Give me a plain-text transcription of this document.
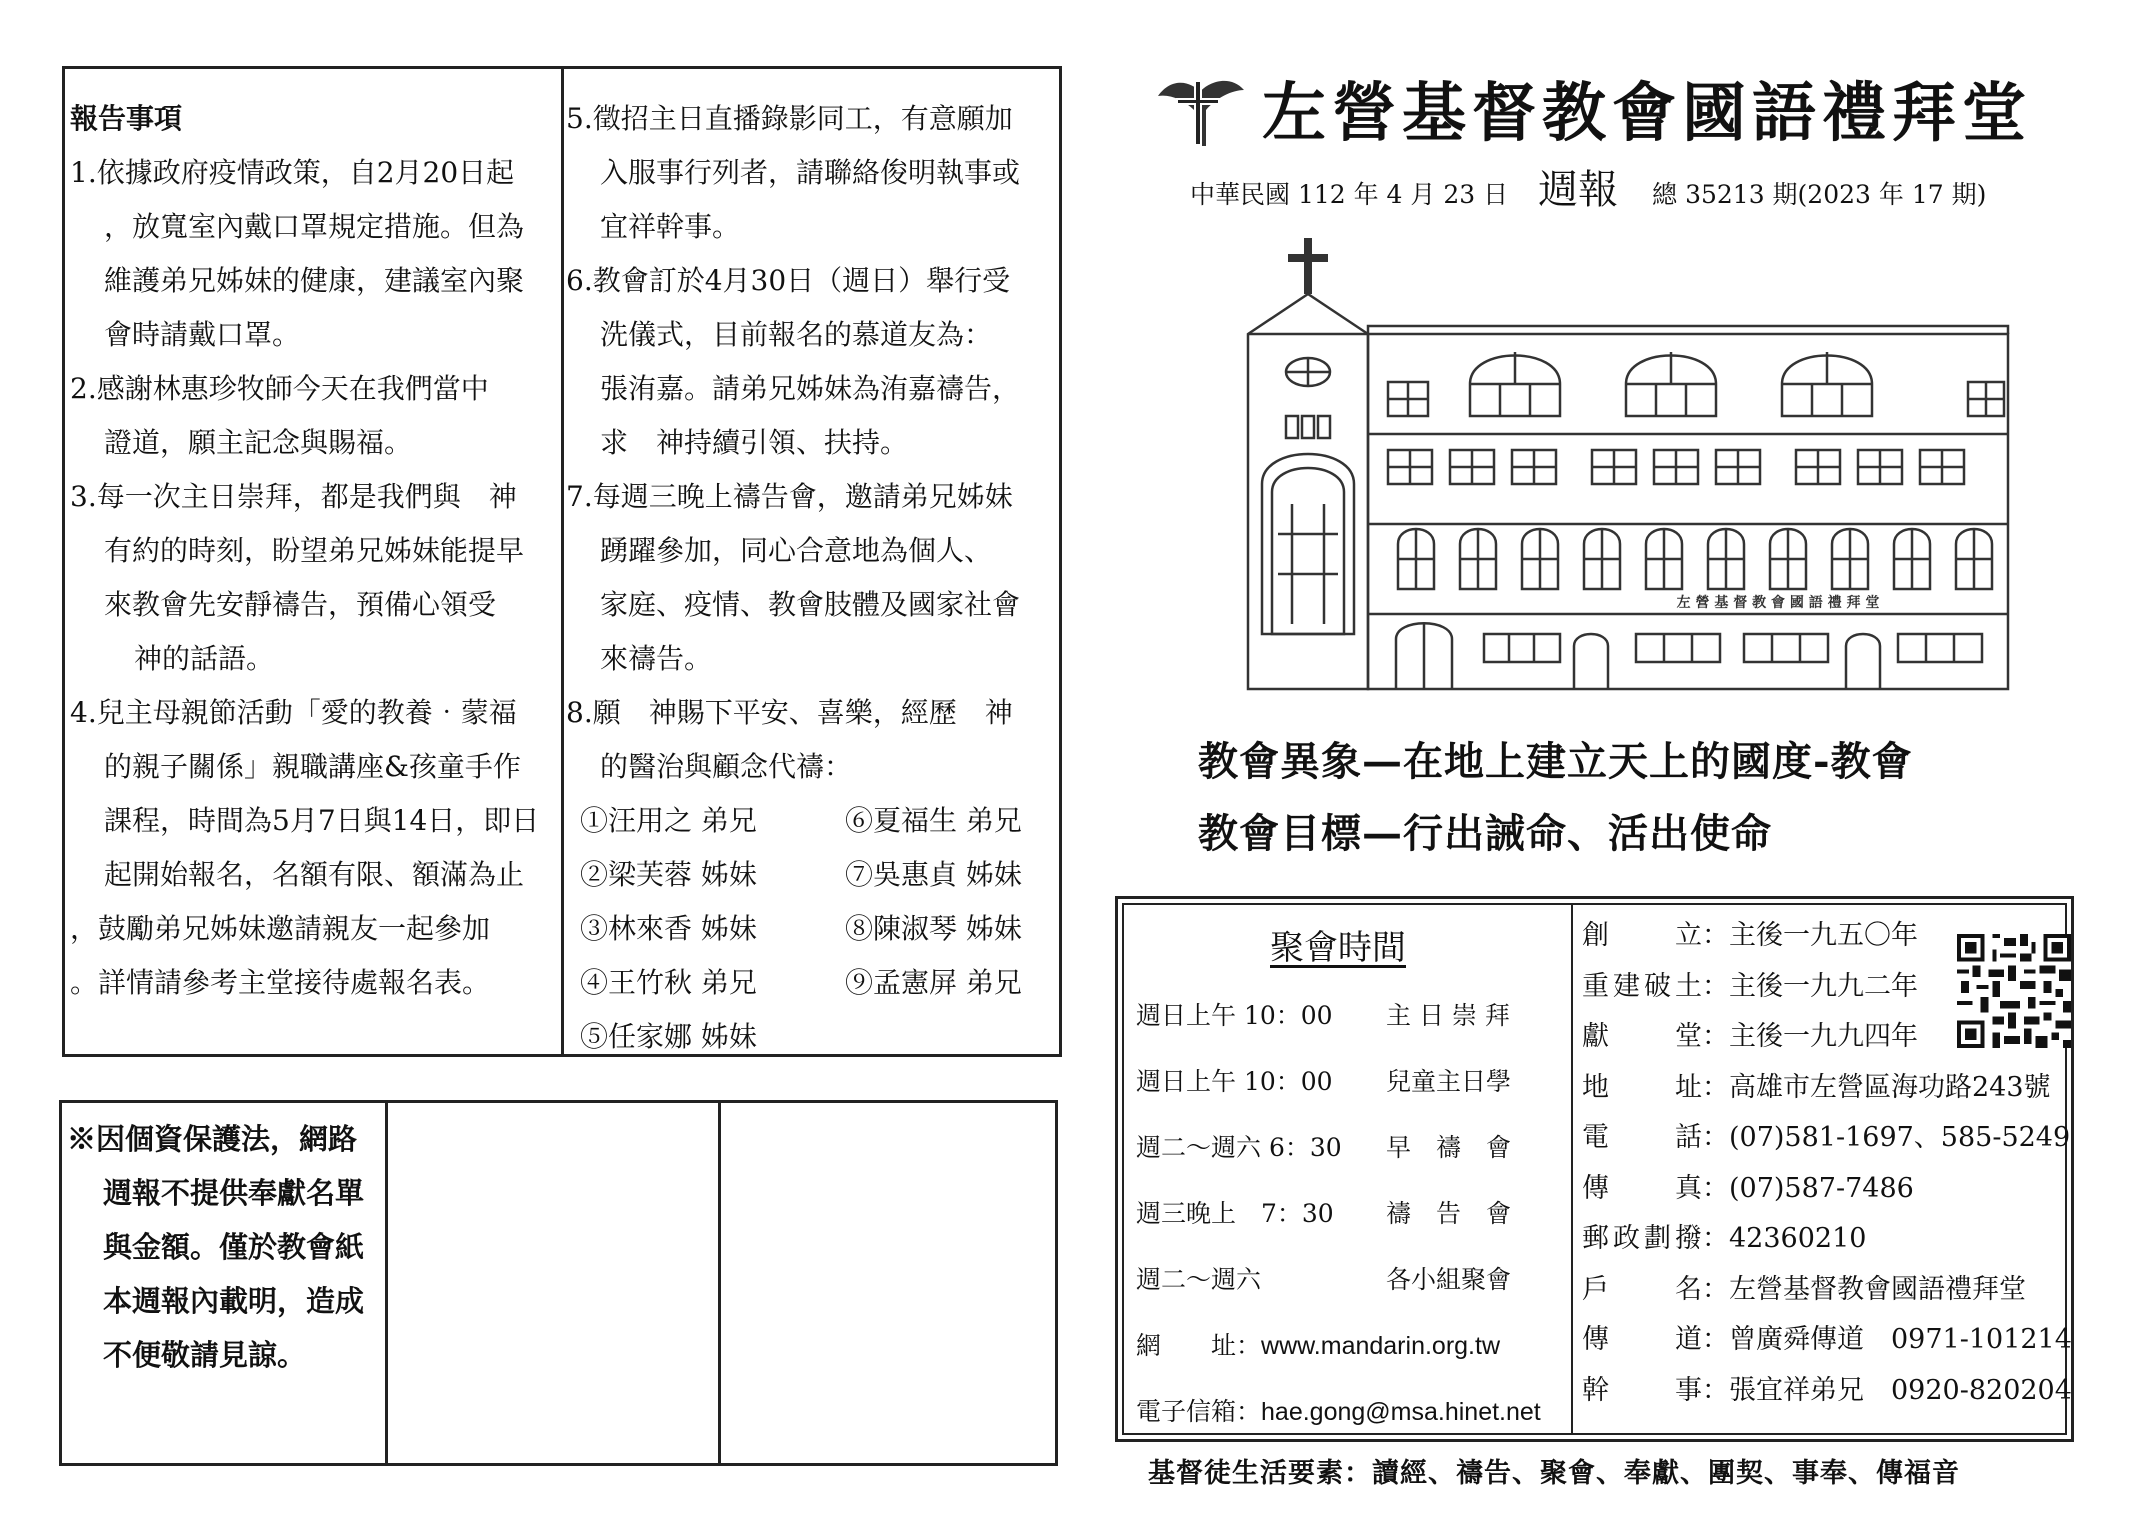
報告事項

1.依據政府疫情政策，自2月20日起

，放寬室內戴口罩規定措施。但為

維護弟兄姊妹的健康，建議室內聚

會時請戴口罩。

2.感謝林惠珍牧師今天在我們當中

證道，願主記念與賜福。

3.每一次主日崇拜，都是我們與　神

有約的時刻，盼望弟兄姊妹能提早

來教會先安靜禱告，預備心領受

神的話語。

4.兒主母親節活動「愛的教養‧蒙福

的親子關係」親職講座&孩童手作

課程，時間為5月7日與14日，即日

起開始報名，名額有限、額滿為止

，鼓勵弟兄姊妹邀請親友一起參加

。詳情請參考主堂接待處報名表。

5.徵招主日直播錄影同工，有意願加

入服事行列者，請聯絡俊明執事或

宜祥幹事。

6.教會訂於4月30日（週日）舉行受

洗儀式，目前報名的慕道友為：

張洧嘉。請弟兄姊妹為洧嘉禱告，

求　神持續引領、扶持。

7.每週三晚上禱告會，邀請弟兄姊妹

踴躍參加，同心合意地為個人、

家庭、疫情、教會肢體及國家社會

來禱告。

8.願　神賜下平安、喜樂，經歷　神

的醫治與顧念代禱：

①汪用之 弟兄	⑥夏福生 弟兄
②梁芙蓉 姊妹	⑦吳惠貞 姊妹
③林來香 姊妹	⑧陳淑琴 姊妹
④王竹秋 弟兄	⑨孟憲屏 弟兄
⑤任家娜 姊妹

※因個資保護法，網路

週報不提供奉獻名單

與金額。僅於教會紙

本週報內載明，造成

不便敬請見諒。

左營基督教會國語禮拜堂
中華民國 112 年 4 月 23 日 週報 總 35213 期(2023 年 17 期)
左 營 基 督 教 會 國 語 禮 拜 堂
教會異象—在地上建立天上的國度-教會
教會目標—行出誡命、活出使命
聚會時間
週日上午 10：00 主 日 崇 拜
週日上午 10：00 兒童主日學
週二～週六 6：30 早　禱　會
週三晚上　7：30 禱　告　會
週二～週六	各小組聚會
網　　址：www.mandarin.org.tw
電子信箱：hae.gong@msa.hinet.net
創立：主後一九五〇年
重建破土：主後一九九二年
獻堂：主後一九九四年
地址：高雄市左營區海功路243號
電話：(07)581-1697、585-5249
傳真：(07)587-7486
郵政劃撥：42360210
戶名：左營基督教會國語禮拜堂
傳道：曾廣舜傳道　0971-101214
幹事：張宜祥弟兄　0920-820204
基督徒生活要素：讀經、禱告、聚會、奉獻、團契、事奉、傳福音
